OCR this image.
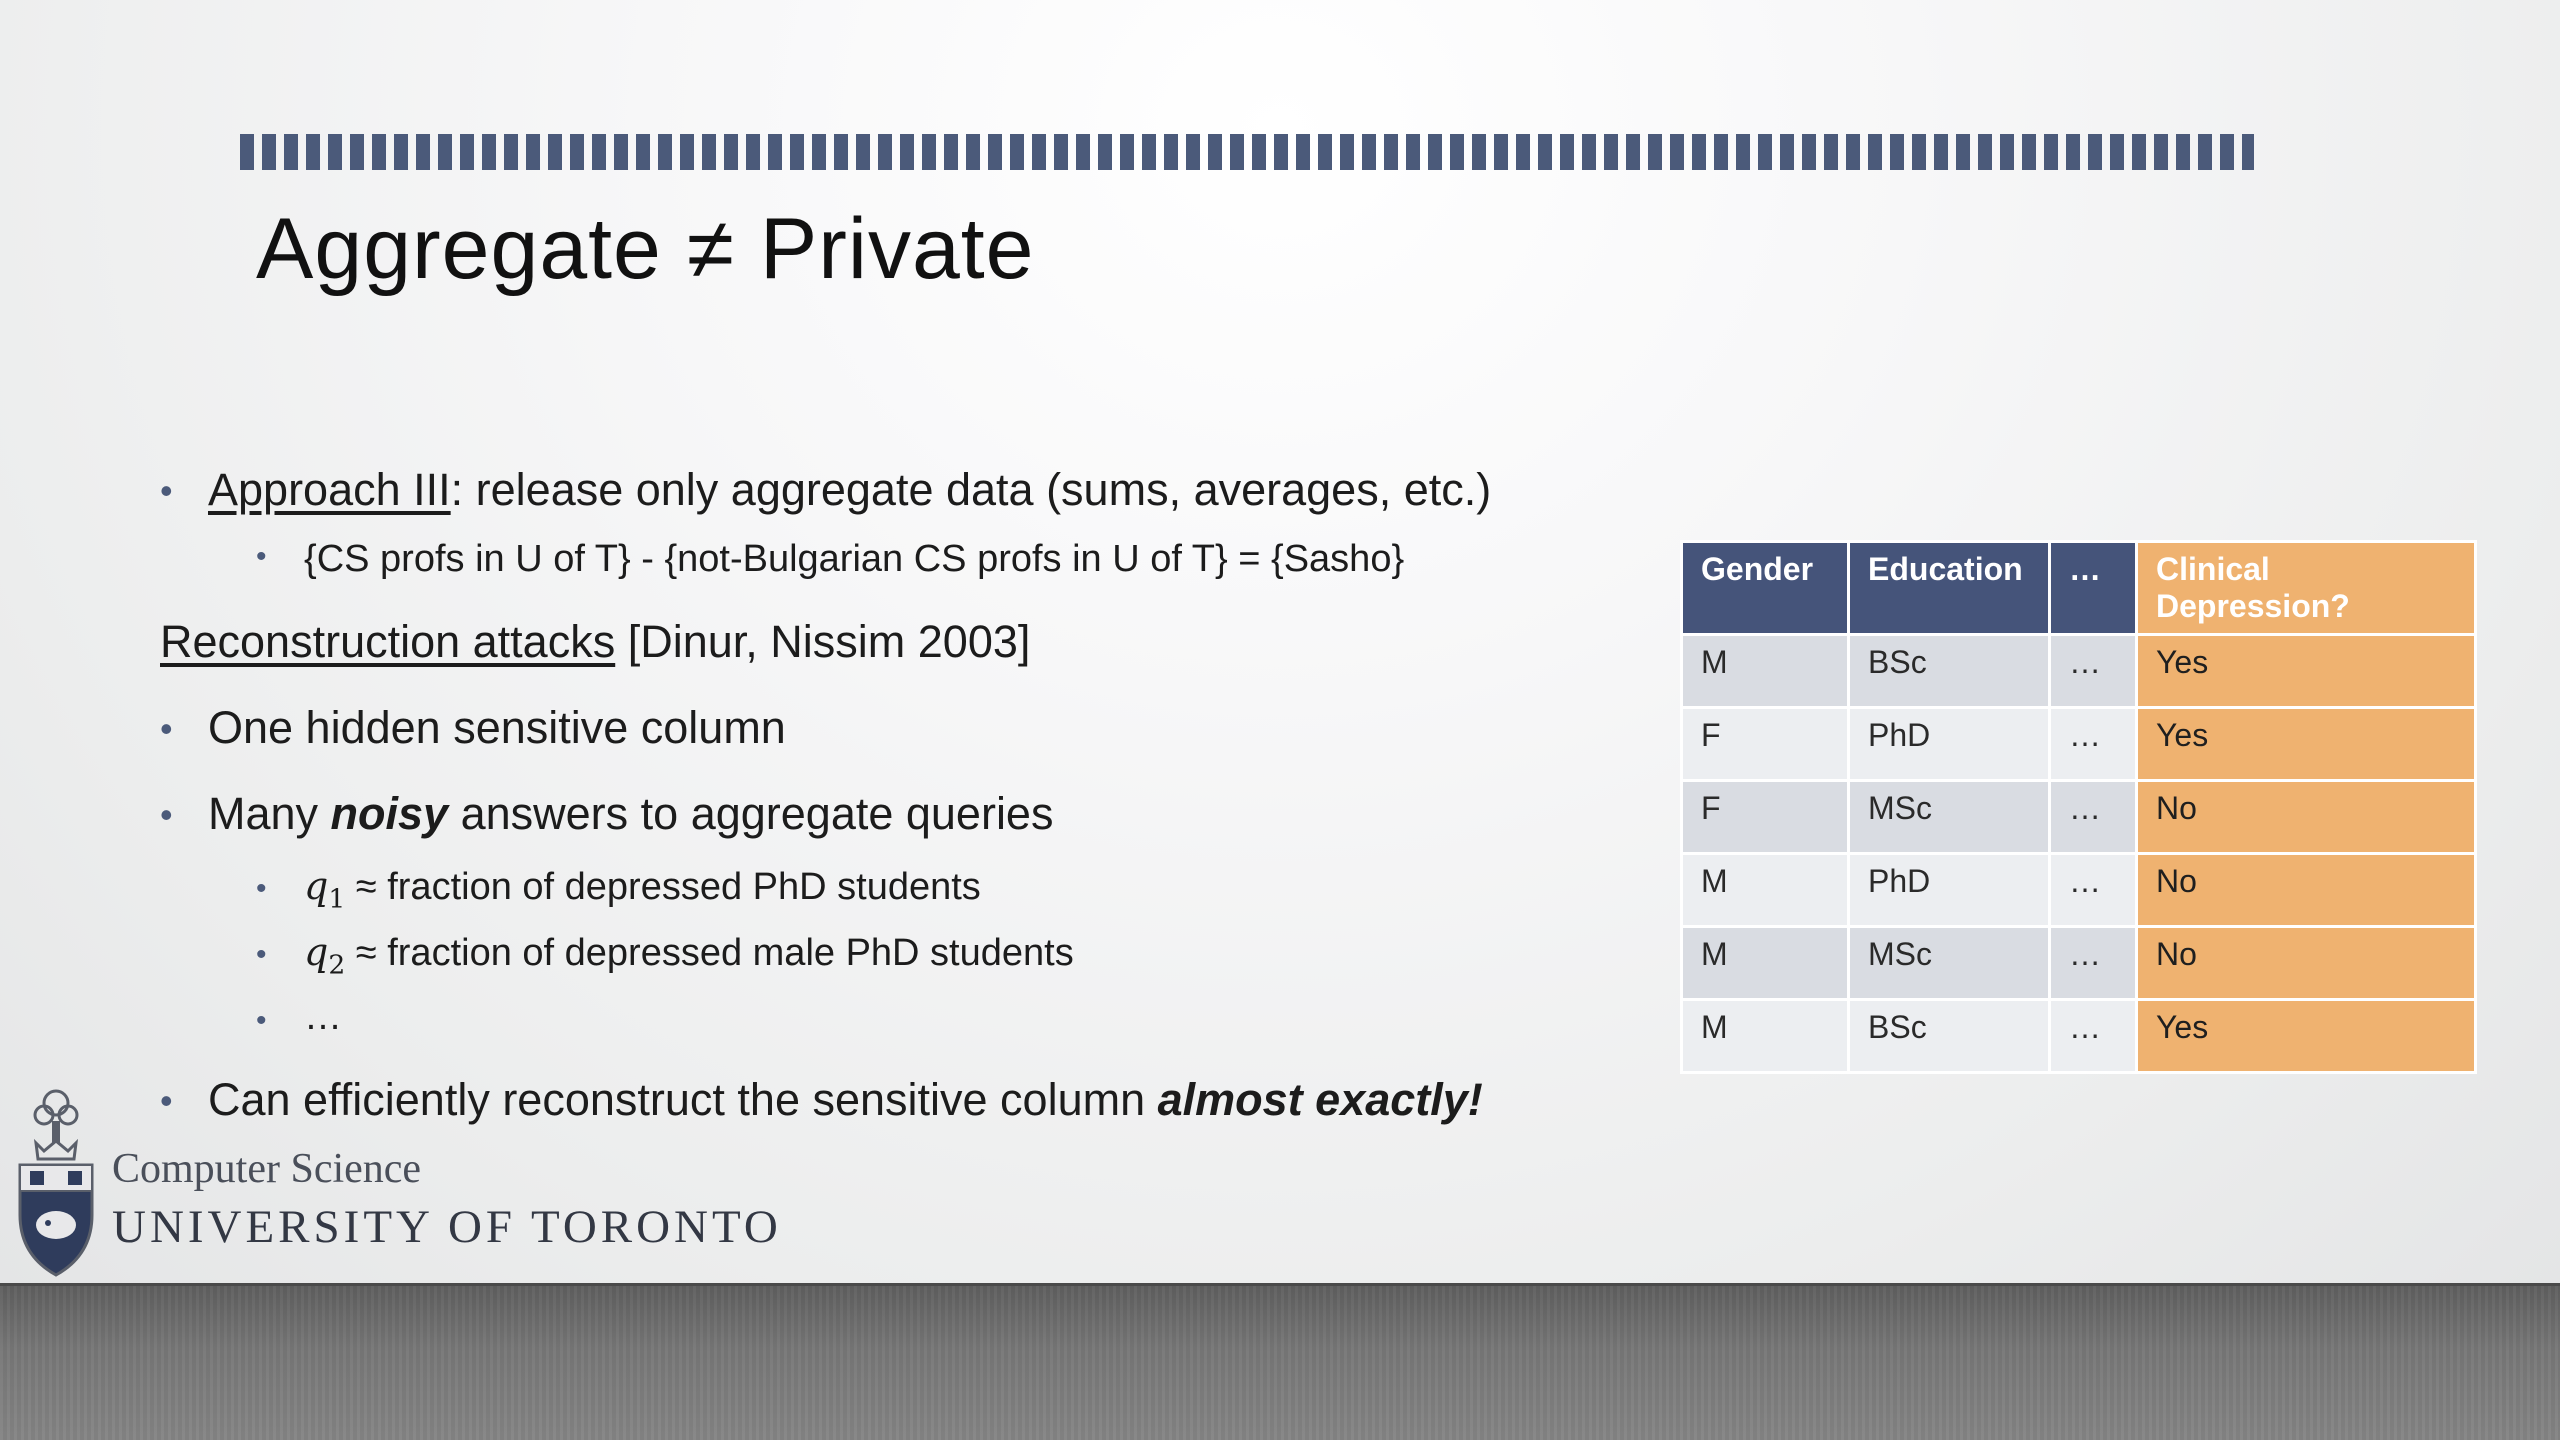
Aggregate ≠ Private
• Approach III: release only aggregate data (sums, averages, etc.)
• {CS profs in U of T} - {not-Bulgarian CS profs in U of T} = {Sasho}
Reconstruction attacks [Dinur, Nissim 2003]
• One hidden sensitive column
• Many noisy answers to aggregate queries
• $q_1$ ≈ fraction of depressed PhD students
• $q_2$ ≈ fraction of depressed male PhD students
• …
• Can efficiently reconstruct the sensitive column almost exactly!
Gender	Education	…	Clinical Depression?
M	BSc	…	Yes
F	PhD	…	Yes
F	MSc	…	No
M	PhD	…	No
M	MSc	…	No
M	BSc	…	Yes
Computer Science
UNIVERSITY OF TORONTO
